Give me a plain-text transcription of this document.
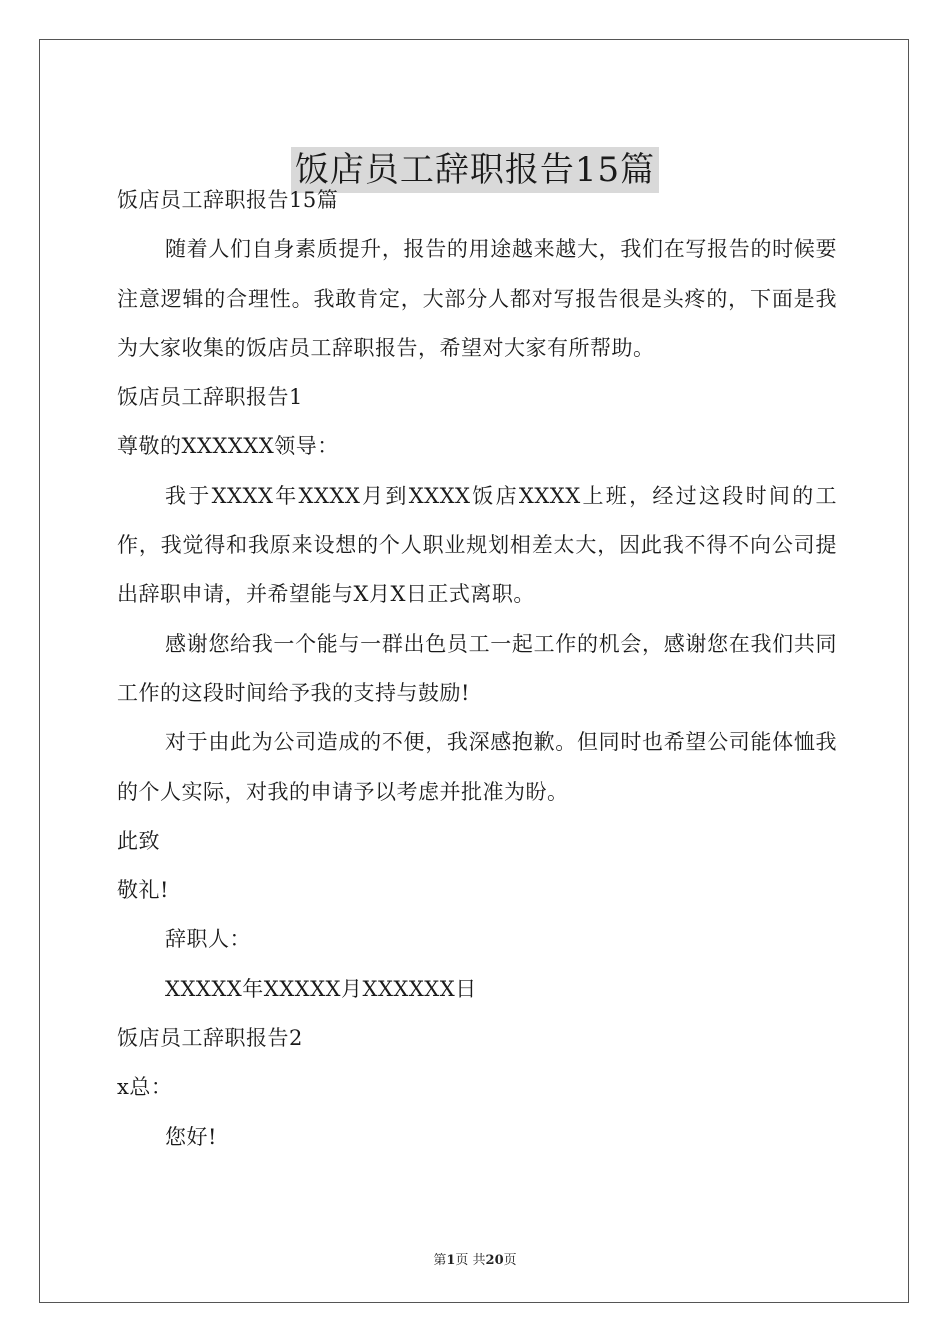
饭店员工辞职报告15篇

饭店员工辞职报告15篇

随着人们自身素质提升，报告的用途越来越大，我们在写报告的时候要注意逻辑的合理性。我敢肯定，大部分人都对写报告很是头疼的，下面是我为大家收集的饭店员工辞职报告，希望对大家有所帮助。

饭店员工辞职报告1

尊敬的XXXXXX领导：

我于XXXX年XXXX月到XXXX饭店XXXX上班，经过这段时间的工作，我觉得和我原来设想的个人职业规划相差太大，因此我不得不向公司提出辞职申请，并希望能与X月X日正式离职。

感谢您给我一个能与一群出色员工一起工作的机会，感谢您在我们共同工作的这段时间给予我的支持与鼓励!

对于由此为公司造成的不便，我深感抱歉。但同时也希望公司能体恤我的个人实际，对我的申请予以考虑并批准为盼。

此致

敬礼!

辞职人：

XXXXX年XXXXX月XXXXXX日

饭店员工辞职报告2

x总：

您好!

第1页 共20页
